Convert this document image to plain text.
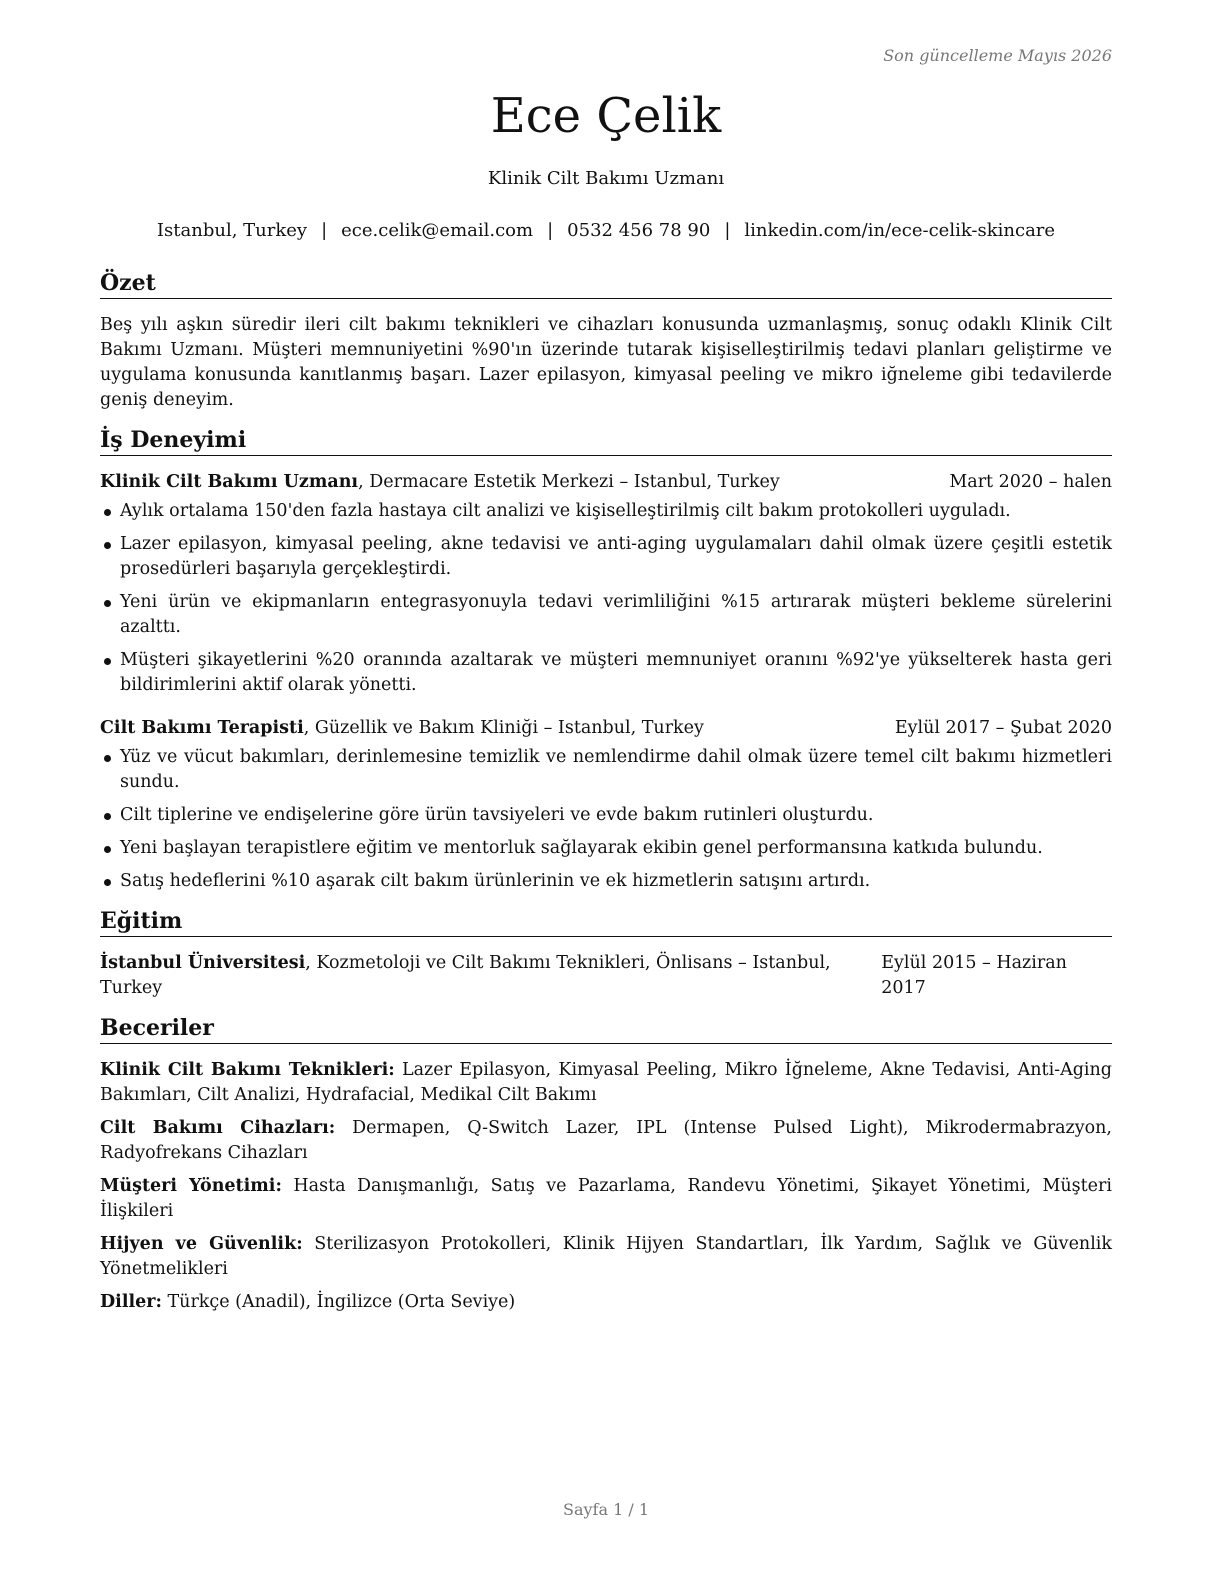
Son güncelleme Mayıs 2026
Ece Çelik
Klinik Cilt Bakımı Uzmanı
Istanbul, Turkey | ece.celik@email.com | 0532 456 78 90 | linkedin.com/in/ece-celik-skincare
Özet

Beş yılı aşkın süredir ileri cilt bakımı teknikleri ve cihazları konusunda uzmanlaşmış, sonuç odaklı Klinik Cilt Bakımı Uzmanı. Müşteri memnuniyetini %90'ın üzerinde tutarak kişiselleştirilmiş tedavi planları geliştirme ve uygulama konusunda kanıtlanmış başarı. Lazer epilasyon, kimyasal peeling ve mikro iğneleme gibi tedavilerde geniş deneyim.

İş Deneyimi
Klinik Cilt Bakımı Uzmanı, Dermacare Estetik Merkezi – Istanbul, Turkey	Mart 2020 – halen
Aylık ortalama 150'den fazla hastaya cilt analizi ve kişiselleştirilmiş cilt bakım protokolleri uyguladı.
Lazer epilasyon, kimyasal peeling, akne tedavisi ve anti-aging uygulamaları dahil olmak üzere çeşitli estetik prosedürleri başarıyla gerçekleştirdi.
Yeni ürün ve ekipmanların entegrasyonuyla tedavi verimliliğini %15 artırarak müşteri bekleme sürelerini azalttı.
Müşteri şikayetlerini %20 oranında azaltarak ve müşteri memnuniyet oranını %92'ye yükselterek hasta geri bildirimlerini aktif olarak yönetti.
Cilt Bakımı Terapisti, Güzellik ve Bakım Kliniği – Istanbul, Turkey	Eylül 2017 – Şubat 2020
Yüz ve vücut bakımları, derinlemesine temizlik ve nemlendirme dahil olmak üzere temel cilt bakımı hizmetleri sundu.
Cilt tiplerine ve endişelerine göre ürün tavsiyeleri ve evde bakım rutinleri oluşturdu.
Yeni başlayan terapistlere eğitim ve mentorluk sağlayarak ekibin genel performansına katkıda bulundu.
Satış hedeflerini %10 aşarak cilt bakım ürünlerinin ve ek hizmetlerin satışını artırdı.
Eğitim
İstanbul Üniversitesi, Kozmetoloji ve Cilt Bakımı Teknikleri, Önlisans – Istanbul, Turkey
Eylül 2015 – Haziran 2017
Beceriler

Klinik Cilt Bakımı Teknikleri: Lazer Epilasyon, Kimyasal Peeling, Mikro İğneleme, Akne Tedavisi, Anti-Aging Bakımları, Cilt Analizi, Hydrafacial, Medikal Cilt Bakımı

Cilt Bakımı Cihazları: Dermapen, Q-Switch Lazer, IPL (Intense Pulsed Light), Mikrodermabrazyon, Radyofrekans Cihazları

Müşteri Yönetimi: Hasta Danışmanlığı, Satış ve Pazarlama, Randevu Yönetimi, Şikayet Yönetimi, Müşteri İlişkileri

Hijyen ve Güvenlik: Sterilizasyon Protokolleri, Klinik Hijyen Standartları, İlk Yardım, Sağlık ve Güvenlik Yönetmelikleri

Diller: Türkçe (Anadil), İngilizce (Orta Seviye)

Sayfa 1 / 1
